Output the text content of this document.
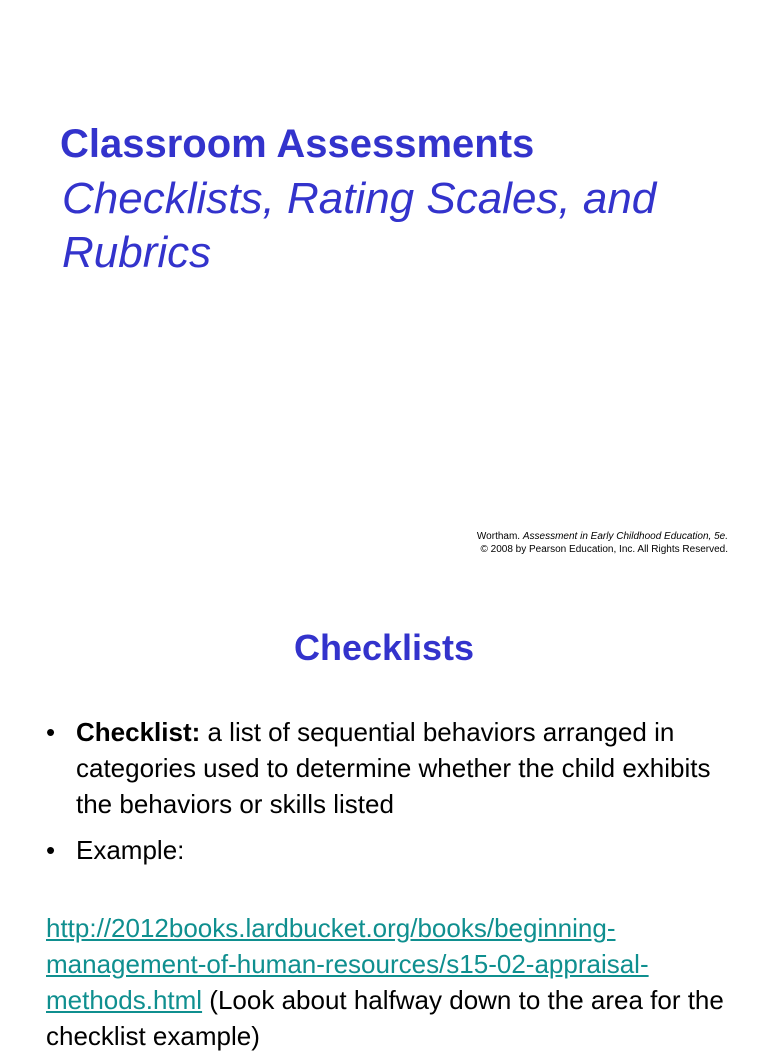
Classroom Assessments
Checklists, Rating Scales, and Rubrics
Wortham. Assessment in Early Childhood Education, 5e.
© 2008 by Pearson Education, Inc. All Rights Reserved.
Checklists
• Checklist: a list of sequential behaviors arranged in categories used to determine whether the child exhibits the behaviors or skills listed
• Example:

http://2012books.lardbucket.org/books/beginning-management-of-human-resources/s15-02-appraisal-methods.html (Look about halfway down to the area for the checklist example)
